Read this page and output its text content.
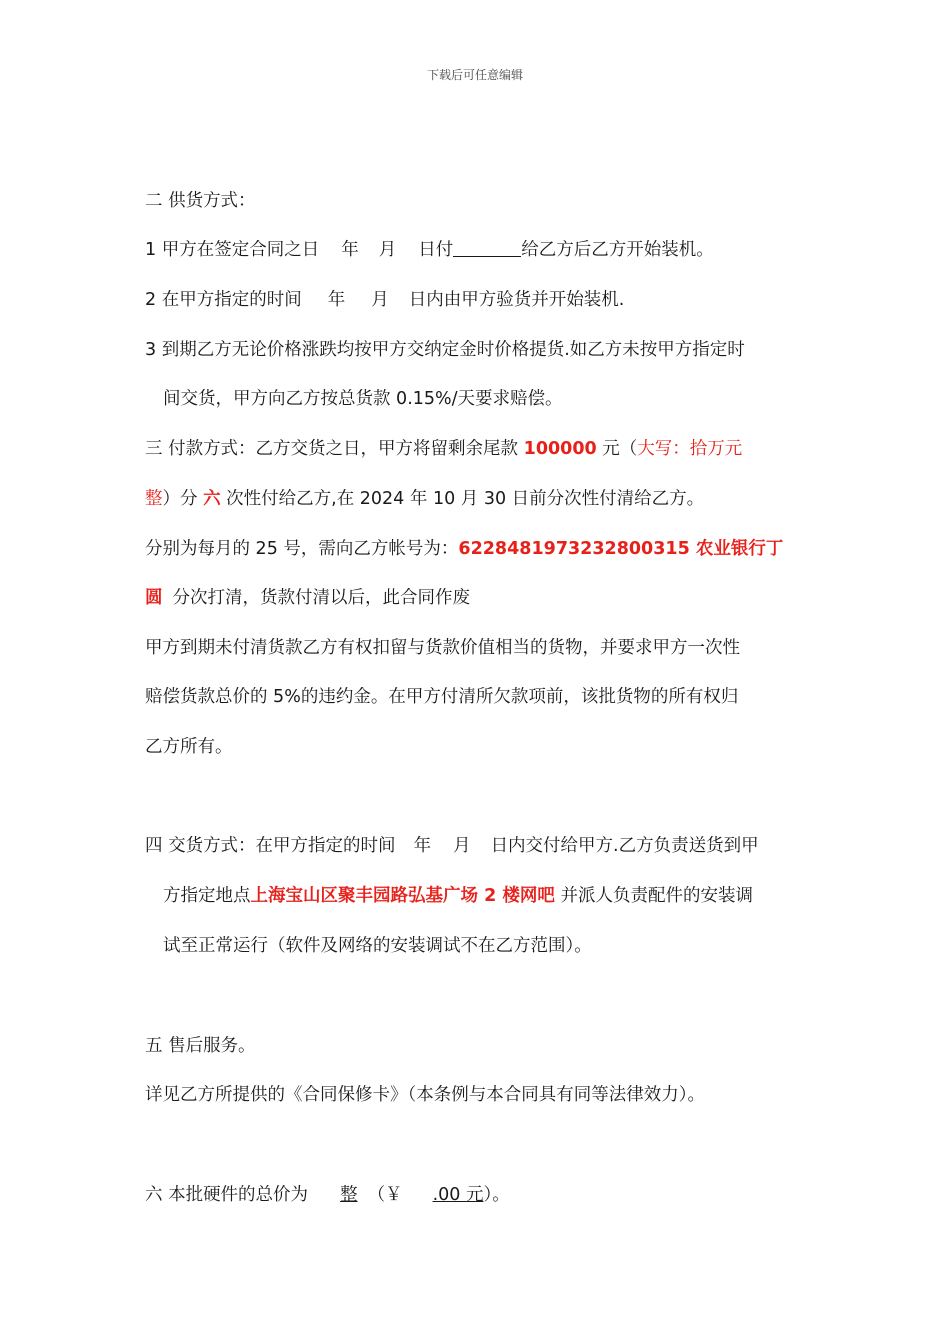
下载后可任意编辑
二 供货方式：
1 甲方在签定合同之日 年 月 日付	给乙方后乙方开始装机。
2 在甲方指定的时间 年 月 日内由甲方验货并开始装机.
3 到期乙方无论价格涨跌均按甲方交纳定金时价格提货.如乙方未按甲方指定时
间交货，甲方向乙方按总货款 0.15%/天要求赔偿。
三 付款方式：乙方交货之日，甲方将留剩余尾款 100000 元（大写：拾万元
整）分 六 次性付给乙方,在 2024 年 10 月 30 日前分次性付清给乙方。
分别为每月的 25 号，需向乙方帐号为：6228481973232800315 农业银行丁
圆 分次打清，货款付清以后，此合同作废
甲方到期未付清货款乙方有权扣留与货款价值相当的货物，并要求甲方一次性
赔偿货款总价的 5%的违约金。在甲方付清所欠款项前，该批货物的所有权归
乙方所有。
四 交货方式：在甲方指定的时间 年 月 日内交付给甲方.乙方负责送货到甲
方指定地点上海宝山区聚丰园路弘基广场 2 楼网吧 并派人负责配件的安装调
试至正常运行（软件及网络的安装调试不在乙方范围）。
五 售后服务。
详见乙方所提供的《合同保修卡》（本条例与本合同具有同等法律效力）。
六 本批硬件的总价为 整 （￥ .00 元）。
